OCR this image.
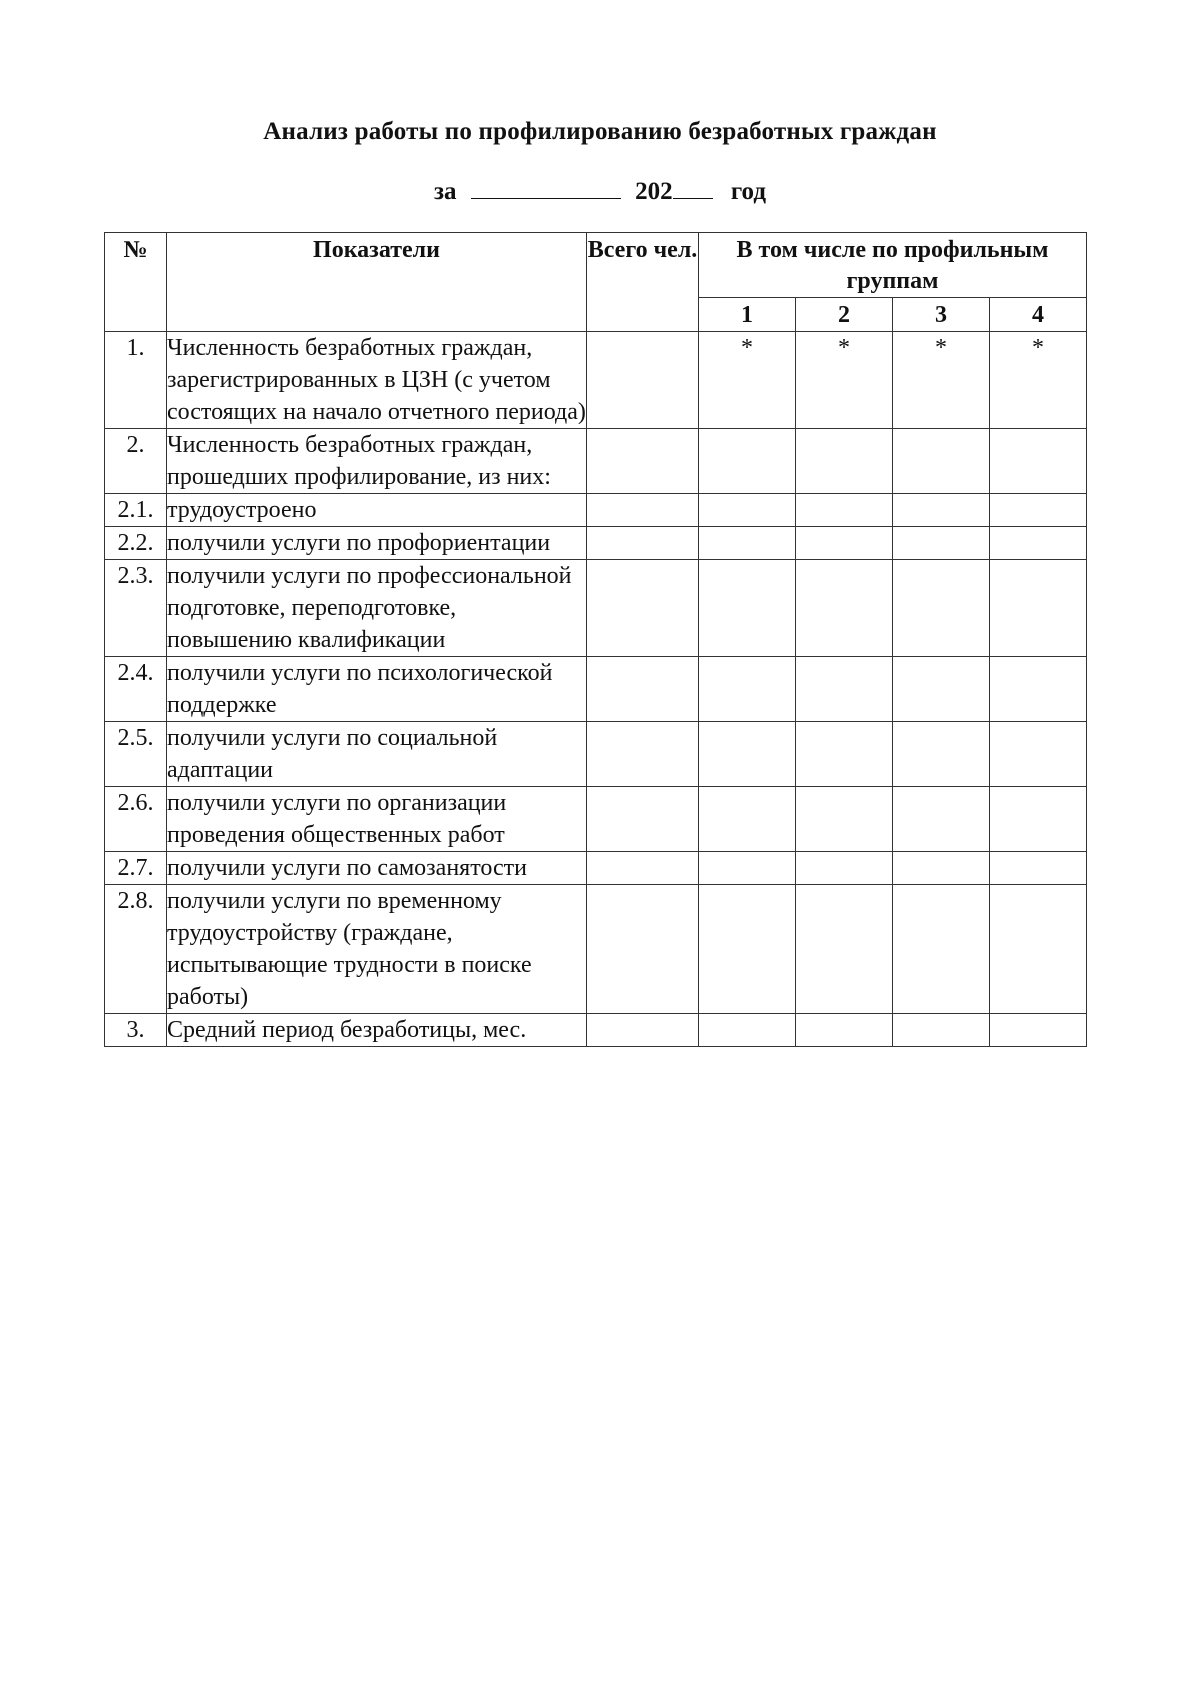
Анализ работы по профилированию безработных граждан
за	202 год
№	Показатели	Всего чел.	В том числе по профильным группам			
			1	2	3	4
1.	Численность безработных граждан, зарегистрированных в ЦЗН (с учетом состоящих на начало отчетного периода)		*	*	*	*
2.	Численность безработных граждан, прошедших профилирование, из них:					
2.1.	трудоустроено					
2.2.	получили услуги по профориентации					
2.3.	получили услуги по профессиональной подготовке, переподготовке, повышению квалификации					
2.4.	получили услуги по психологической поддержке					
2.5.	получили услуги по социальной адаптации					
2.6.	получили услуги по организации проведения общественных работ					
2.7.	получили услуги по самозанятости					
2.8.	получили услуги по временному трудоустройству (граждане, испытывающие трудности в поиске работы)					
3.	Средний период безработицы, мес.					
